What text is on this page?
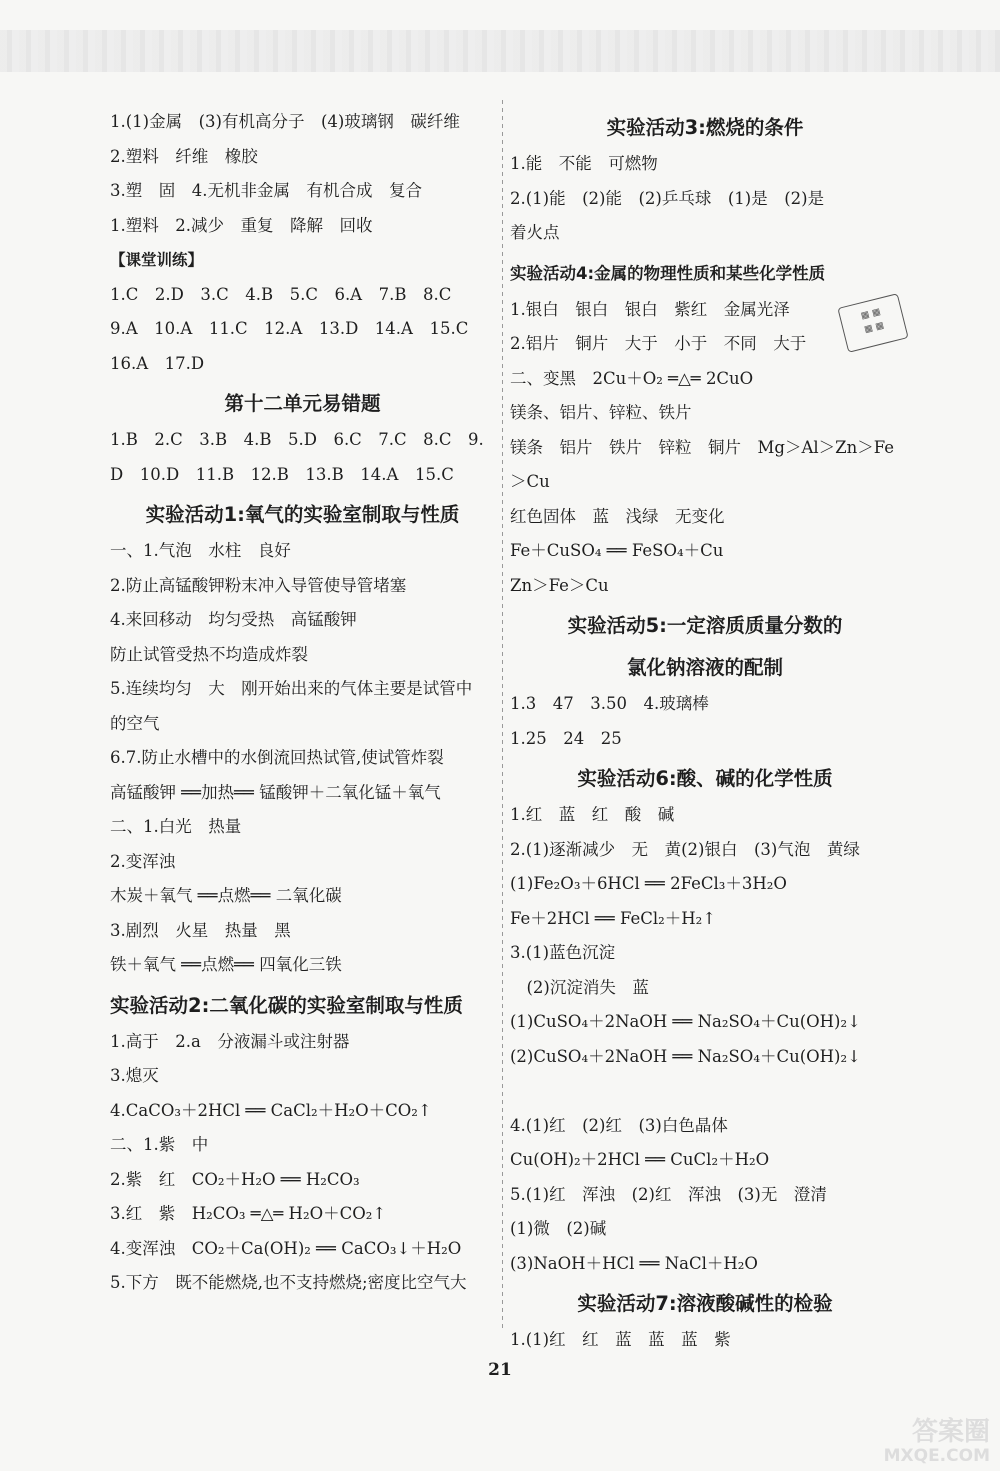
1.(1)金属　(3)有机高分子　(4)玻璃钢　碳纤维
2.塑料　纤维　橡胶
3.塑　固　4.无机非金属　有机合成　复合
1.塑料　2.减少　重复　降解　回收
【课堂训练】
1.C　2.D　3.C　4.B　5.C　6.A　7.B　8.C
9.A　10.A　11.C　12.A　13.D　14.A　15.C
16.A　17.D
第十二单元易错题
1.B　2.C　3.B　4.B　5.D　6.C　7.C　8.C　9.
D　10.D　11.B　12.B　13.B　14.A　15.C
实验活动1:氧气的实验室制取与性质
一、1.气泡　水柱　良好
2.防止高锰酸钾粉末冲入导管使导管堵塞
4.来回移动　均匀受热　高锰酸钾
防止试管受热不均造成炸裂
5.连续均匀　大　刚开始出来的气体主要是试管中
的空气
6.7.防止水槽中的水倒流回热试管,使试管炸裂
高锰酸钾 ══加热══ 锰酸钾＋二氧化锰＋氧气
二、1.白光　热量
2.变浑浊
木炭＋氧气 ══点燃══ 二氧化碳
3.剧烈　火星　热量　黑
铁＋氧气 ══点燃══ 四氧化三铁
实验活动2:二氧化碳的实验室制取与性质
1.高于　2.a　分液漏斗或注射器
3.熄灭
4.CaCO₃＋2HCl ══ CaCl₂＋H₂O＋CO₂↑
二、1.紫　中
2.紫　红　CO₂＋H₂O ══ H₂CO₃
3.红　紫　H₂CO₃ ═△═ H₂O＋CO₂↑
4.变浑浊　CO₂＋Ca(OH)₂ ══ CaCO₃↓＋H₂O
5.下方　既不能燃烧,也不支持燃烧;密度比空气大
实验活动3:燃烧的条件
1.能　不能　可燃物
2.(1)能　(2)能　(2)乒乓球　(1)是　(2)是
着火点
实验活动4:金属的物理性质和某些化学性质
1.银白　银白　银白　紫红　金属光泽
2.铝片　铜片　大于　小于　不同　大于
二、变黑　2Cu＋O₂ ═△═ 2CuO
镁条、铝片、锌粒、铁片
镁条　铝片　铁片　锌粒　铜片　Mg＞Al＞Zn＞Fe
＞Cu
红色固体　蓝　浅绿　无变化
Fe＋CuSO₄ ══ FeSO₄＋Cu
Zn＞Fe＞Cu
实验活动5:一定溶质质量分数的
氯化钠溶液的配制
1.3　47　3.50　4.玻璃棒
1.25　24　25
实验活动6:酸、碱的化学性质
1.红　蓝　红　酸　碱
2.(1)逐渐减少　无　黄(2)银白　(3)气泡　黄绿
(1)Fe₂O₃＋6HCl ══ 2FeCl₃＋3H₂O
Fe＋2HCl ══ FeCl₂＋H₂↑
3.(1)蓝色沉淀
　(2)沉淀消失　蓝
(1)CuSO₄＋2NaOH ══ Na₂SO₄＋Cu(OH)₂↓
(2)CuSO₄＋2NaOH ══ Na₂SO₄＋Cu(OH)₂↓
4.(1)红　(2)红　(3)白色晶体
Cu(OH)₂＋2HCl ══ CuCl₂＋H₂O
5.(1)红　浑浊　(2)红　浑浊　(3)无　澄清
(1)微　(2)碱
(3)NaOH＋HCl ══ NaCl＋H₂O
实验活动7:溶液酸碱性的检验
1.(1)红　红　蓝　蓝　蓝　紫
▦ ▦
▦ ▦
21
答案圈
MXQE.COM
